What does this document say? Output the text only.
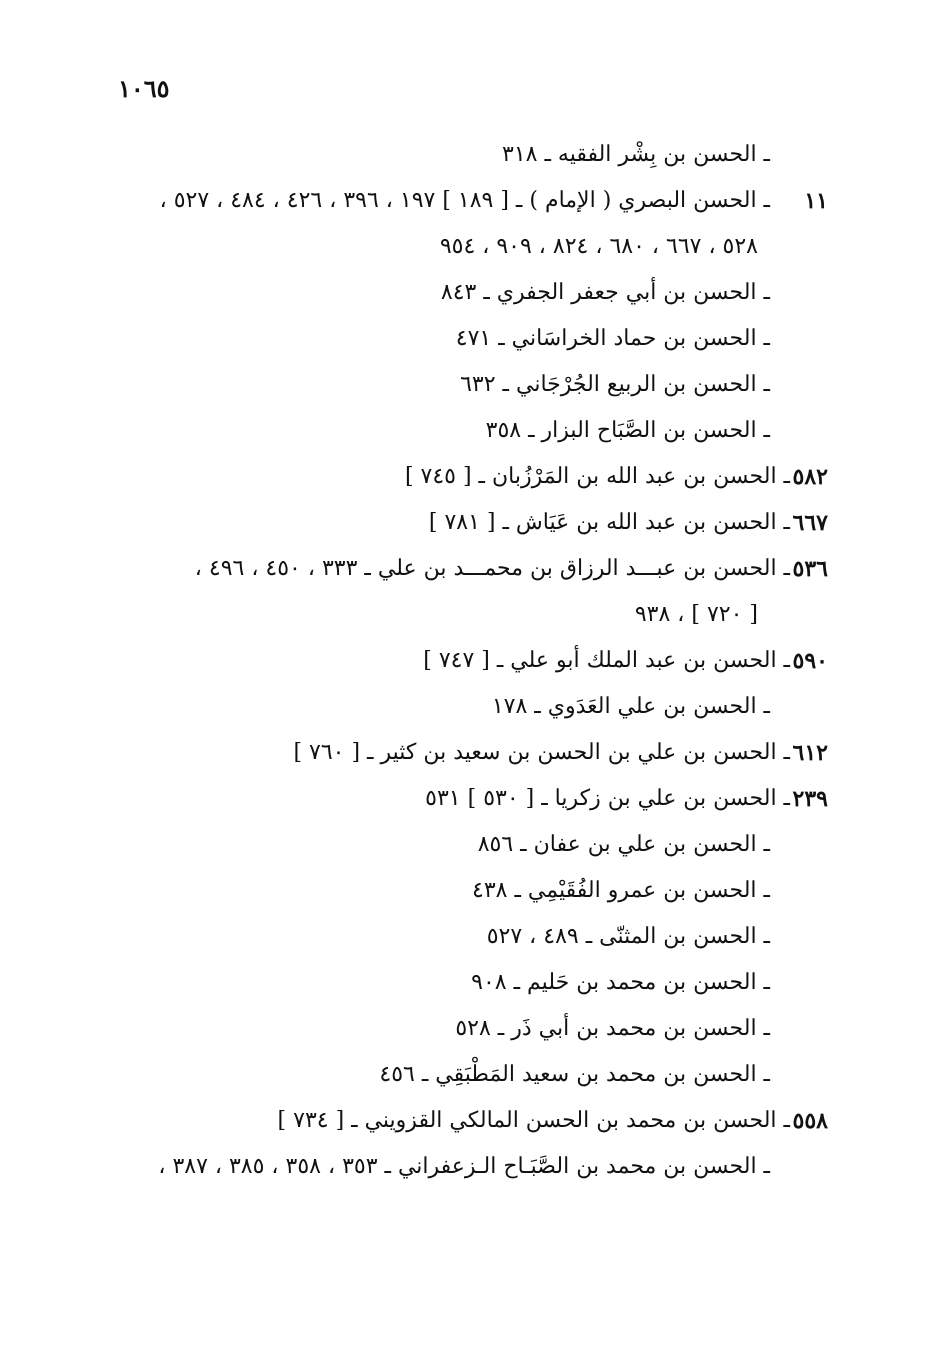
١٠٦٥
ـ الحسن بن بِشْر الفقيه ـ ٣١٨
١١
ـ الحسن البصري ( الإمام ) ـ [ ١٨٩ ] ١٩٧ ، ٣٩٦ ، ٤٢٦ ، ٤٨٤ ، ٥٢٧ ،
٥٢٨ ، ٦٦٧ ، ٦٨٠ ، ٨٢٤ ، ٩٠٩ ، ٩٥٤
ـ الحسن بن أبي جعفر الجفري ـ ٨٤٣
ـ الحسن بن حماد الخراسَاني ـ ٤٧١
ـ الحسن بن الربيع الجُرْجَاني ـ ٦٣٢
ـ الحسن بن الصَّبَاح البزار ـ ٣٥٨
٥٨٢
ـ الحسن بن عبد الله بن المَرْزُبان ـ [ ٧٤٥ ]
٦٦٧
ـ الحسن بن عبد الله بن عَيَاش ـ [ ٧٨١ ]
٥٣٦
ـ الحسن بن عبـــد الرزاق بن محمـــد بن علي ـ ٣٣٣ ، ٤٥٠ ، ٤٩٦ ،
[ ٧٢٠ ] ، ٩٣٨
٥٩٠
ـ الحسن بن عبد الملك أبو علي ـ [ ٧٤٧ ]
ـ الحسن بن علي العَدَوي ـ ١٧٨
٦١٢
ـ الحسن بن علي بن الحسن بن سعيد بن كثير ـ [ ٧٦٠ ]
٢٣٩
ـ الحسن بن علي بن زكريا ـ [ ٥٣٠ ] ٥٣١
ـ الحسن بن علي بن عفان ـ ٨٥٦
ـ الحسن بن عمرو الفُقَيْمِي ـ ٤٣٨
ـ الحسن بن المثنّى ـ ٤٨٩ ، ٥٢٧
ـ الحسن بن محمد بن حَليم ـ ٩٠٨
ـ الحسن بن محمد بن أبي ذَر ـ ٥٢٨
ـ الحسن بن محمد بن سعيد المَطْبَقِي ـ ٤٥٦
٥٥٨
ـ الحسن بن محمد بن الحسن المالكي القزويني ـ [ ٧٣٤ ]
ـ الحسن بن محمد بن الصَّبَـاح الـزعفراني ـ ٣٥٣ ، ٣٥٨ ، ٣٨٥ ، ٣٨٧ ،
